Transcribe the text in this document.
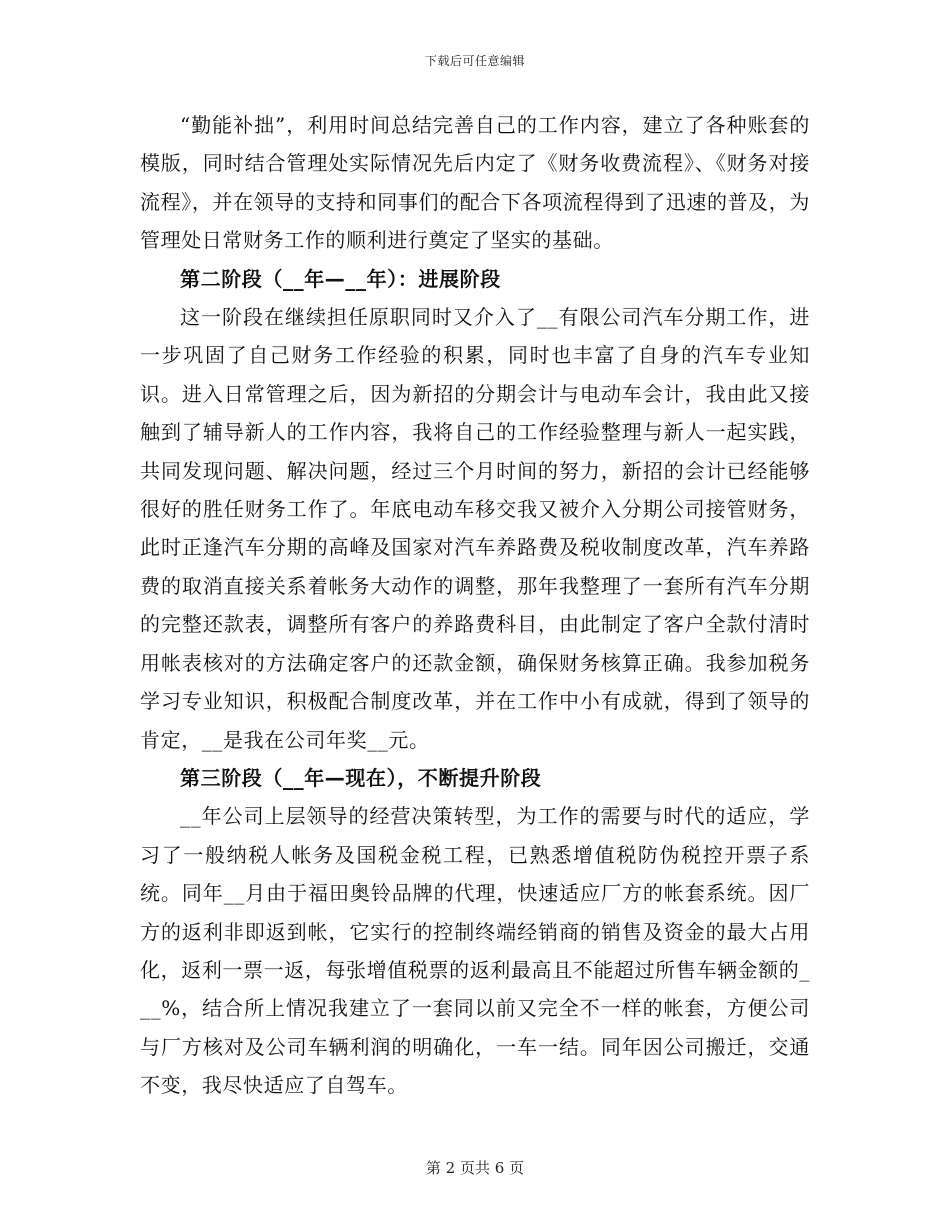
下载后可任意编辑

“勤能补拙”，利用时间总结完善自己的工作内容，建立了各种账套的模版，同时结合管理处实际情况先后内定了《财务收费流程》、《财务对接流程》，并在领导的支持和同事们的配合下各项流程得到了迅速的普及，为管理处日常财务工作的顺利进行奠定了坚实的基础。

第二阶段（__年—__年）：进展阶段

这一阶段在继续担任原职同时又介入了__有限公司汽车分期工作，进一步巩固了自己财务工作经验的积累，同时也丰富了自身的汽车专业知识。进入日常管理之后，因为新招的分期会计与电动车会计，我由此又接触到了辅导新人的工作内容，我将自己的工作经验整理与新人一起实践，共同发现问题、解决问题，经过三个月时间的努力，新招的会计已经能够很好的胜任财务工作了。年底电动车移交我又被介入分期公司接管财务，此时正逢汽车分期的高峰及国家对汽车养路费及税收制度改革，汽车养路费的取消直接关系着帐务大动作的调整，那年我整理了一套所有汽车分期的完整还款表，调整所有客户的养路费科目，由此制定了客户全款付清时用帐表核对的方法确定客户的还款金额，确保财务核算正确。我参加税务学习专业知识，积极配合制度改革，并在工作中小有成就，得到了领导的肯定，__是我在公司年奖__元。

第三阶段（__年—现在），不断提升阶段

__年公司上层领导的经营决策转型，为工作的需要与时代的适应，学习了一般纳税人帐务及国税金税工程，已熟悉增值税防伪税控开票子系统。同年__月由于福田奥铃品牌的代理，快速适应厂方的帐套系统。因厂方的返利非即返到帐，它实行的控制终端经销商的销售及资金的最大占用化，返利一票一返，每张增值税票的返利最高且不能超过所售车辆金额的___%，结合所上情况我建立了一套同以前又完全不一样的帐套，方便公司与厂方核对及公司车辆利润的明确化，一车一结。同年因公司搬迁，交通不变，我尽快适应了自驾车。

第 2 页共 6 页
